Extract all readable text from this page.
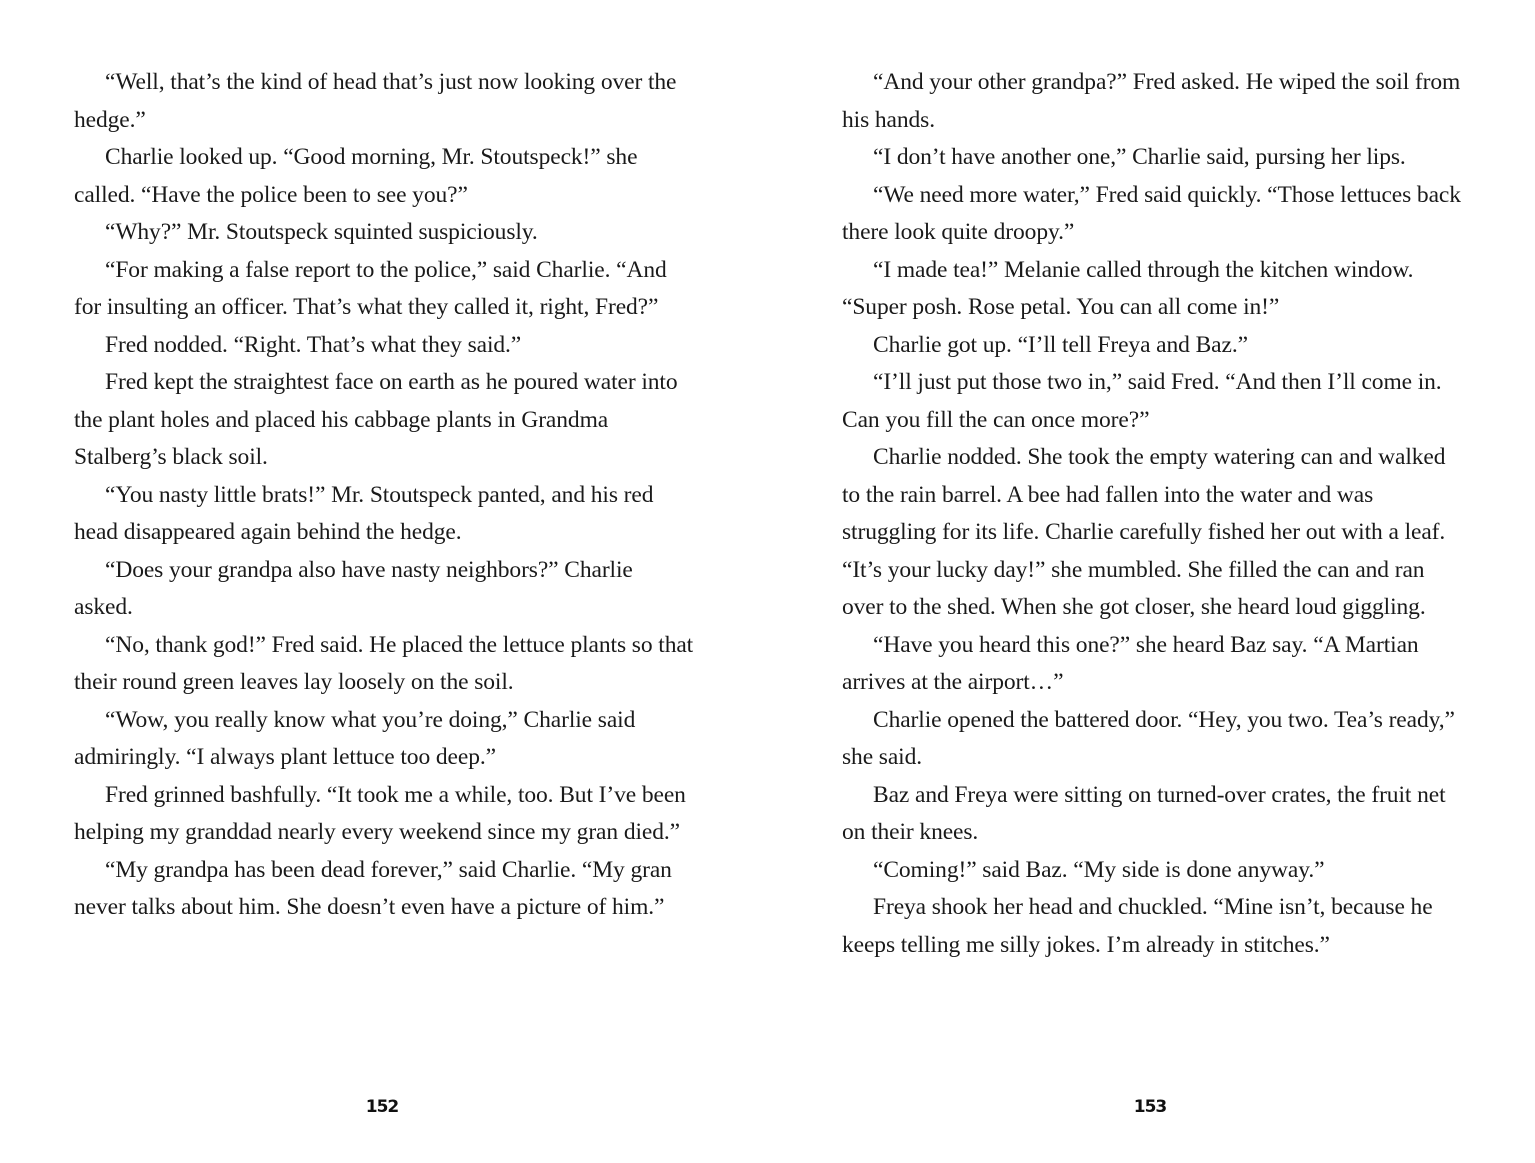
“Well, that’s the kind of head that’s just now looking over the hedge.”

Charlie looked up. “Good morning, Mr. Stoutspeck!” she called. “Have the police been to see you?”

“Why?” Mr. Stoutspeck squinted suspiciously.

“For making a false report to the police,” said Charlie. “And for insulting an officer. That’s what they called it, right, Fred?”

Fred nodded. “Right. That’s what they said.”

Fred kept the straightest face on earth as he poured water into the plant holes and placed his cabbage plants in Grandma Stalberg’s black soil.

“You nasty little brats!” Mr. Stoutspeck panted, and his red head disappeared again behind the hedge.

“Does your grandpa also have nasty neighbors?” Charlie asked.

“No, thank god!” Fred said. He placed the lettuce plants so that their round green leaves lay loosely on the soil.

“Wow, you really know what you’re doing,” Charlie said admiringly. “I always plant lettuce too deep.”

Fred grinned bashfully. “It took me a while, too. But I’ve been helping my granddad nearly every weekend since my gran died.”

“My grandpa has been dead forever,” said Charlie. “My gran never talks about him. She doesn’t even have a picture of him.”

“And your other grandpa?” Fred asked. He wiped the soil from his hands.

“I don’t have another one,” Charlie said, pursing her lips.

“We need more water,” Fred said quickly. “Those lettuces back there look quite droopy.”

“I made tea!” Melanie called through the kitchen window. “Super posh. Rose petal. You can all come in!”

Charlie got up. “I’ll tell Freya and Baz.”

“I’ll just put those two in,” said Fred. “And then I’ll come in. Can you fill the can once more?”

Charlie nodded. She took the empty watering can and walked to the rain barrel. A bee had fallen into the water and was struggling for its life. Charlie carefully fished her out with a leaf. “It’s your lucky day!” she mumbled. She filled the can and ran over to the shed. When she got closer, she heard loud giggling.

“Have you heard this one?” she heard Baz say. “A Martian arrives at the airport…”

Charlie opened the battered door. “Hey, you two. Tea’s ready,” she said.

Baz and Freya were sitting on turned-over crates, the fruit net on their knees.

“Coming!” said Baz. “My side is done anyway.”

Freya shook her head and chuckled. “Mine isn’t, because he keeps telling me silly jokes. I’m already in stitches.”

152	153
